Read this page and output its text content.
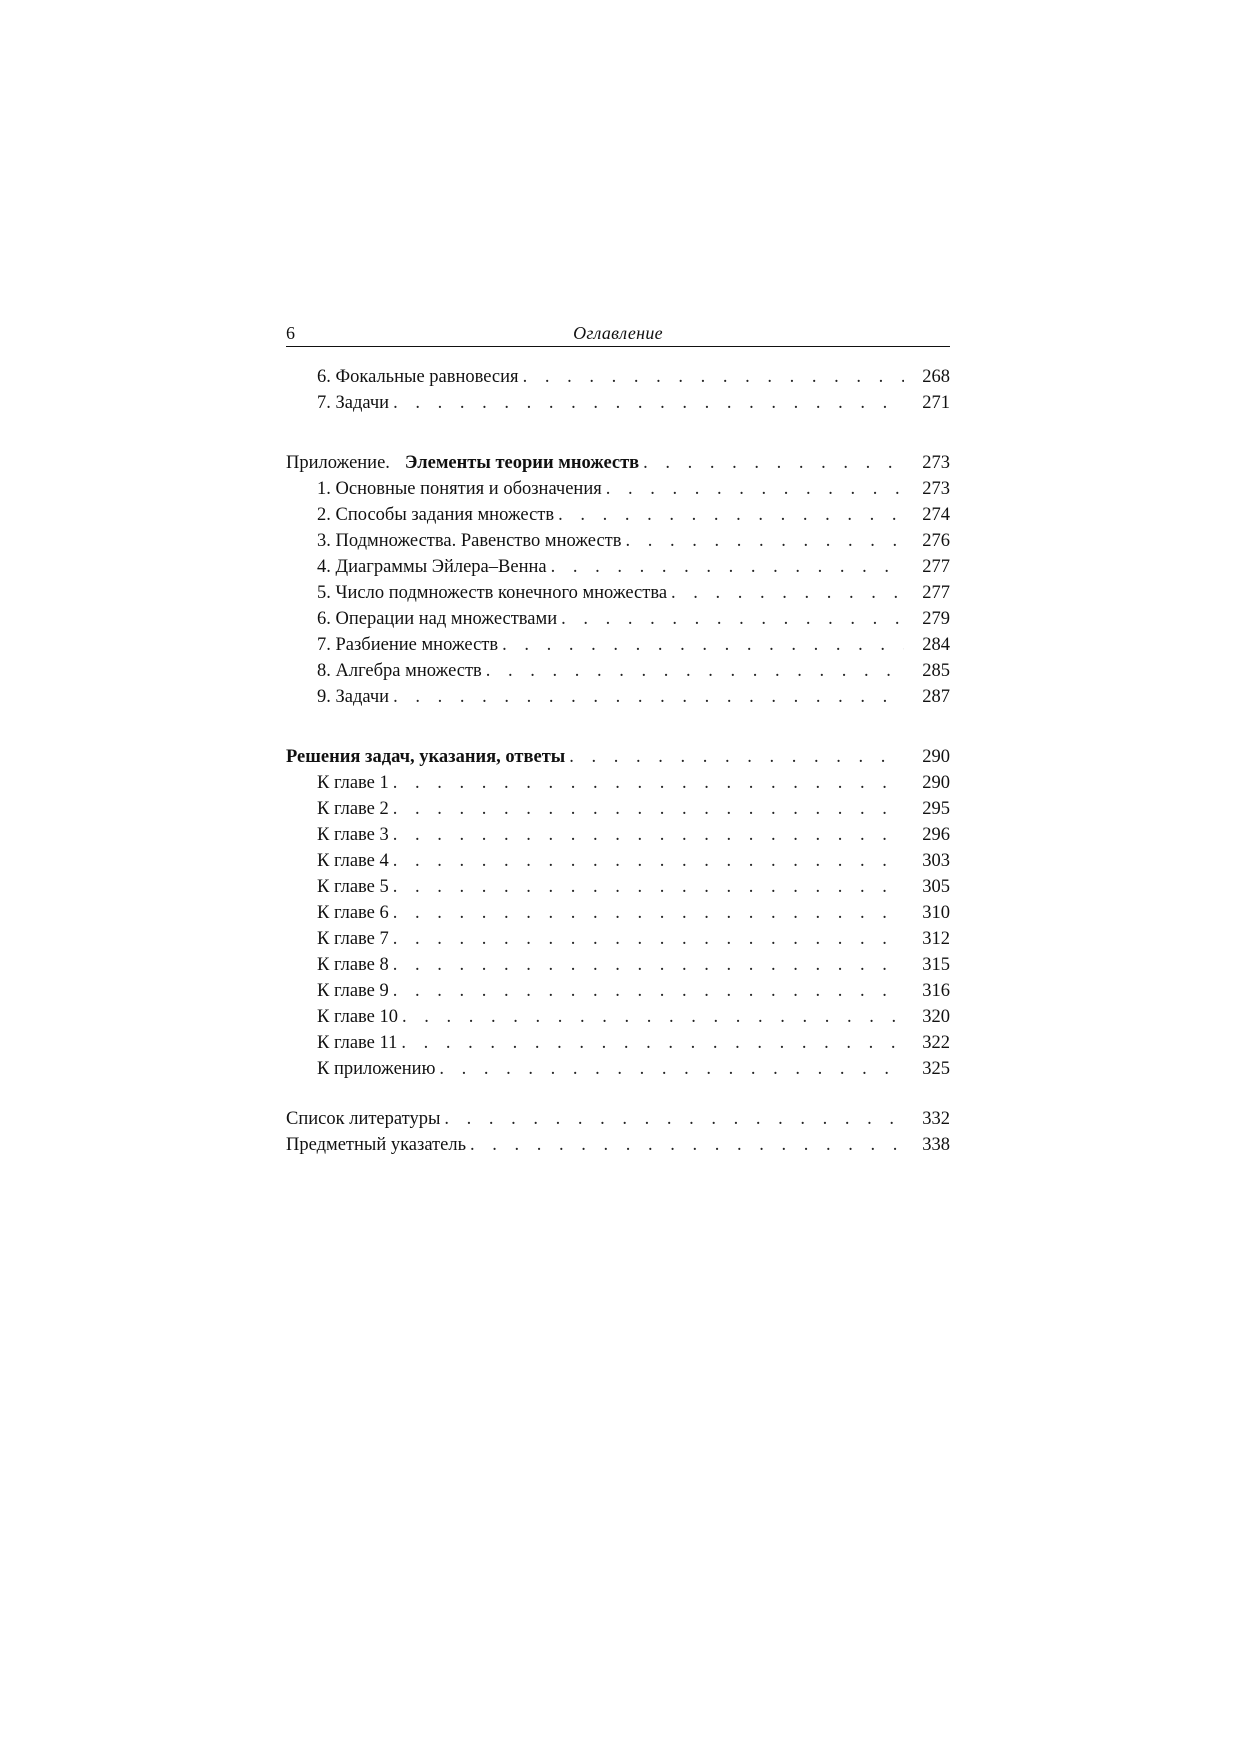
6	Оглавление
6. Фокальные равновесия . . .	268
7. Задачи . . .	271
Приложение. Элементы теории множеств . . .	273
1. Основные понятия и обозначения . . .	273
2. Способы задания множеств . . .	274
3. Подмножества. Равенство множеств . . .	276
4. Диаграммы Эйлера–Венна . . .	277
5. Число подмножеств конечного множества . . .	277
6. Операции над множествами . . .	279
7. Разбиение множеств . . .	284
8. Алгебра множеств . . .	285
9. Задачи . . .	287
Решения задач, указания, ответы . . .	290
К главе 1 . . .	290
К главе 2 . . .	295
К главе 3 . . .	296
К главе 4 . . .	303
К главе 5 . . .	305
К главе 6 . . .	310
К главе 7 . . .	312
К главе 8 . . .	315
К главе 9 . . .	316
К главе 10 . . .	320
К главе 11 . . .	322
К приложению . . .	325
Список литературы . . .	332
Предметный указатель . . .	338
